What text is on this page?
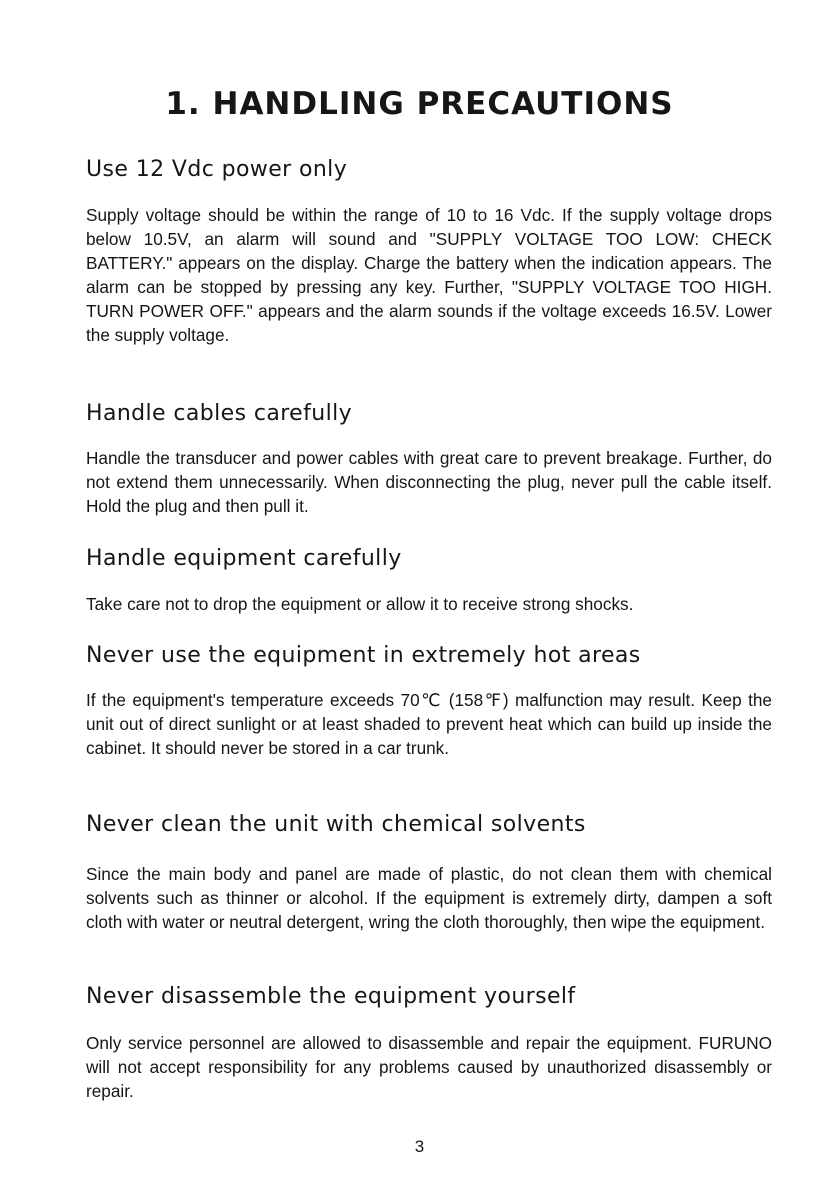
1. HANDLING PRECAUTIONS
Use 12 Vdc power only

Supply voltage should be within the range of 10 to 16 Vdc. If the supply voltage drops below 10.5V, an alarm will sound and "SUPPLY VOLTAGE TOO LOW: CHECK BATTERY." appears on the display. Charge the battery when the indication appears. The alarm can be stopped by pressing any key. Further, "SUPPLY VOLTAGE TOO HIGH. TURN POWER OFF." appears and the alarm sounds if the voltage exceeds 16.5V. Lower the supply voltage.

Handle cables carefully

Handle the transducer and power cables with great care to prevent breakage. Further, do not extend them unnecessarily. When disconnecting the plug, never pull the cable itself. Hold the plug and then pull it.

Handle equipment carefully

Take care not to drop the equipment or allow it to receive strong shocks.

Never use the equipment in extremely hot areas

If the equipment's temperature exceeds 70℃ (158℉) malfunction may result. Keep the unit out of direct sunlight or at least shaded to prevent heat which can build up inside the cabinet. It should never be stored in a car trunk.

Never clean the unit with chemical solvents

Since the main body and panel are made of plastic, do not clean them with chemical solvents such as thinner or alcohol. If the equipment is extremely dirty, dampen a soft cloth with water or neutral detergent, wring the cloth thoroughly, then wipe the equipment.

Never disassemble the equipment yourself

Only service personnel are allowed to disassemble and repair the equipment. FURUNO will not accept responsibility for any problems caused by unauthorized disassembly or repair.

3
